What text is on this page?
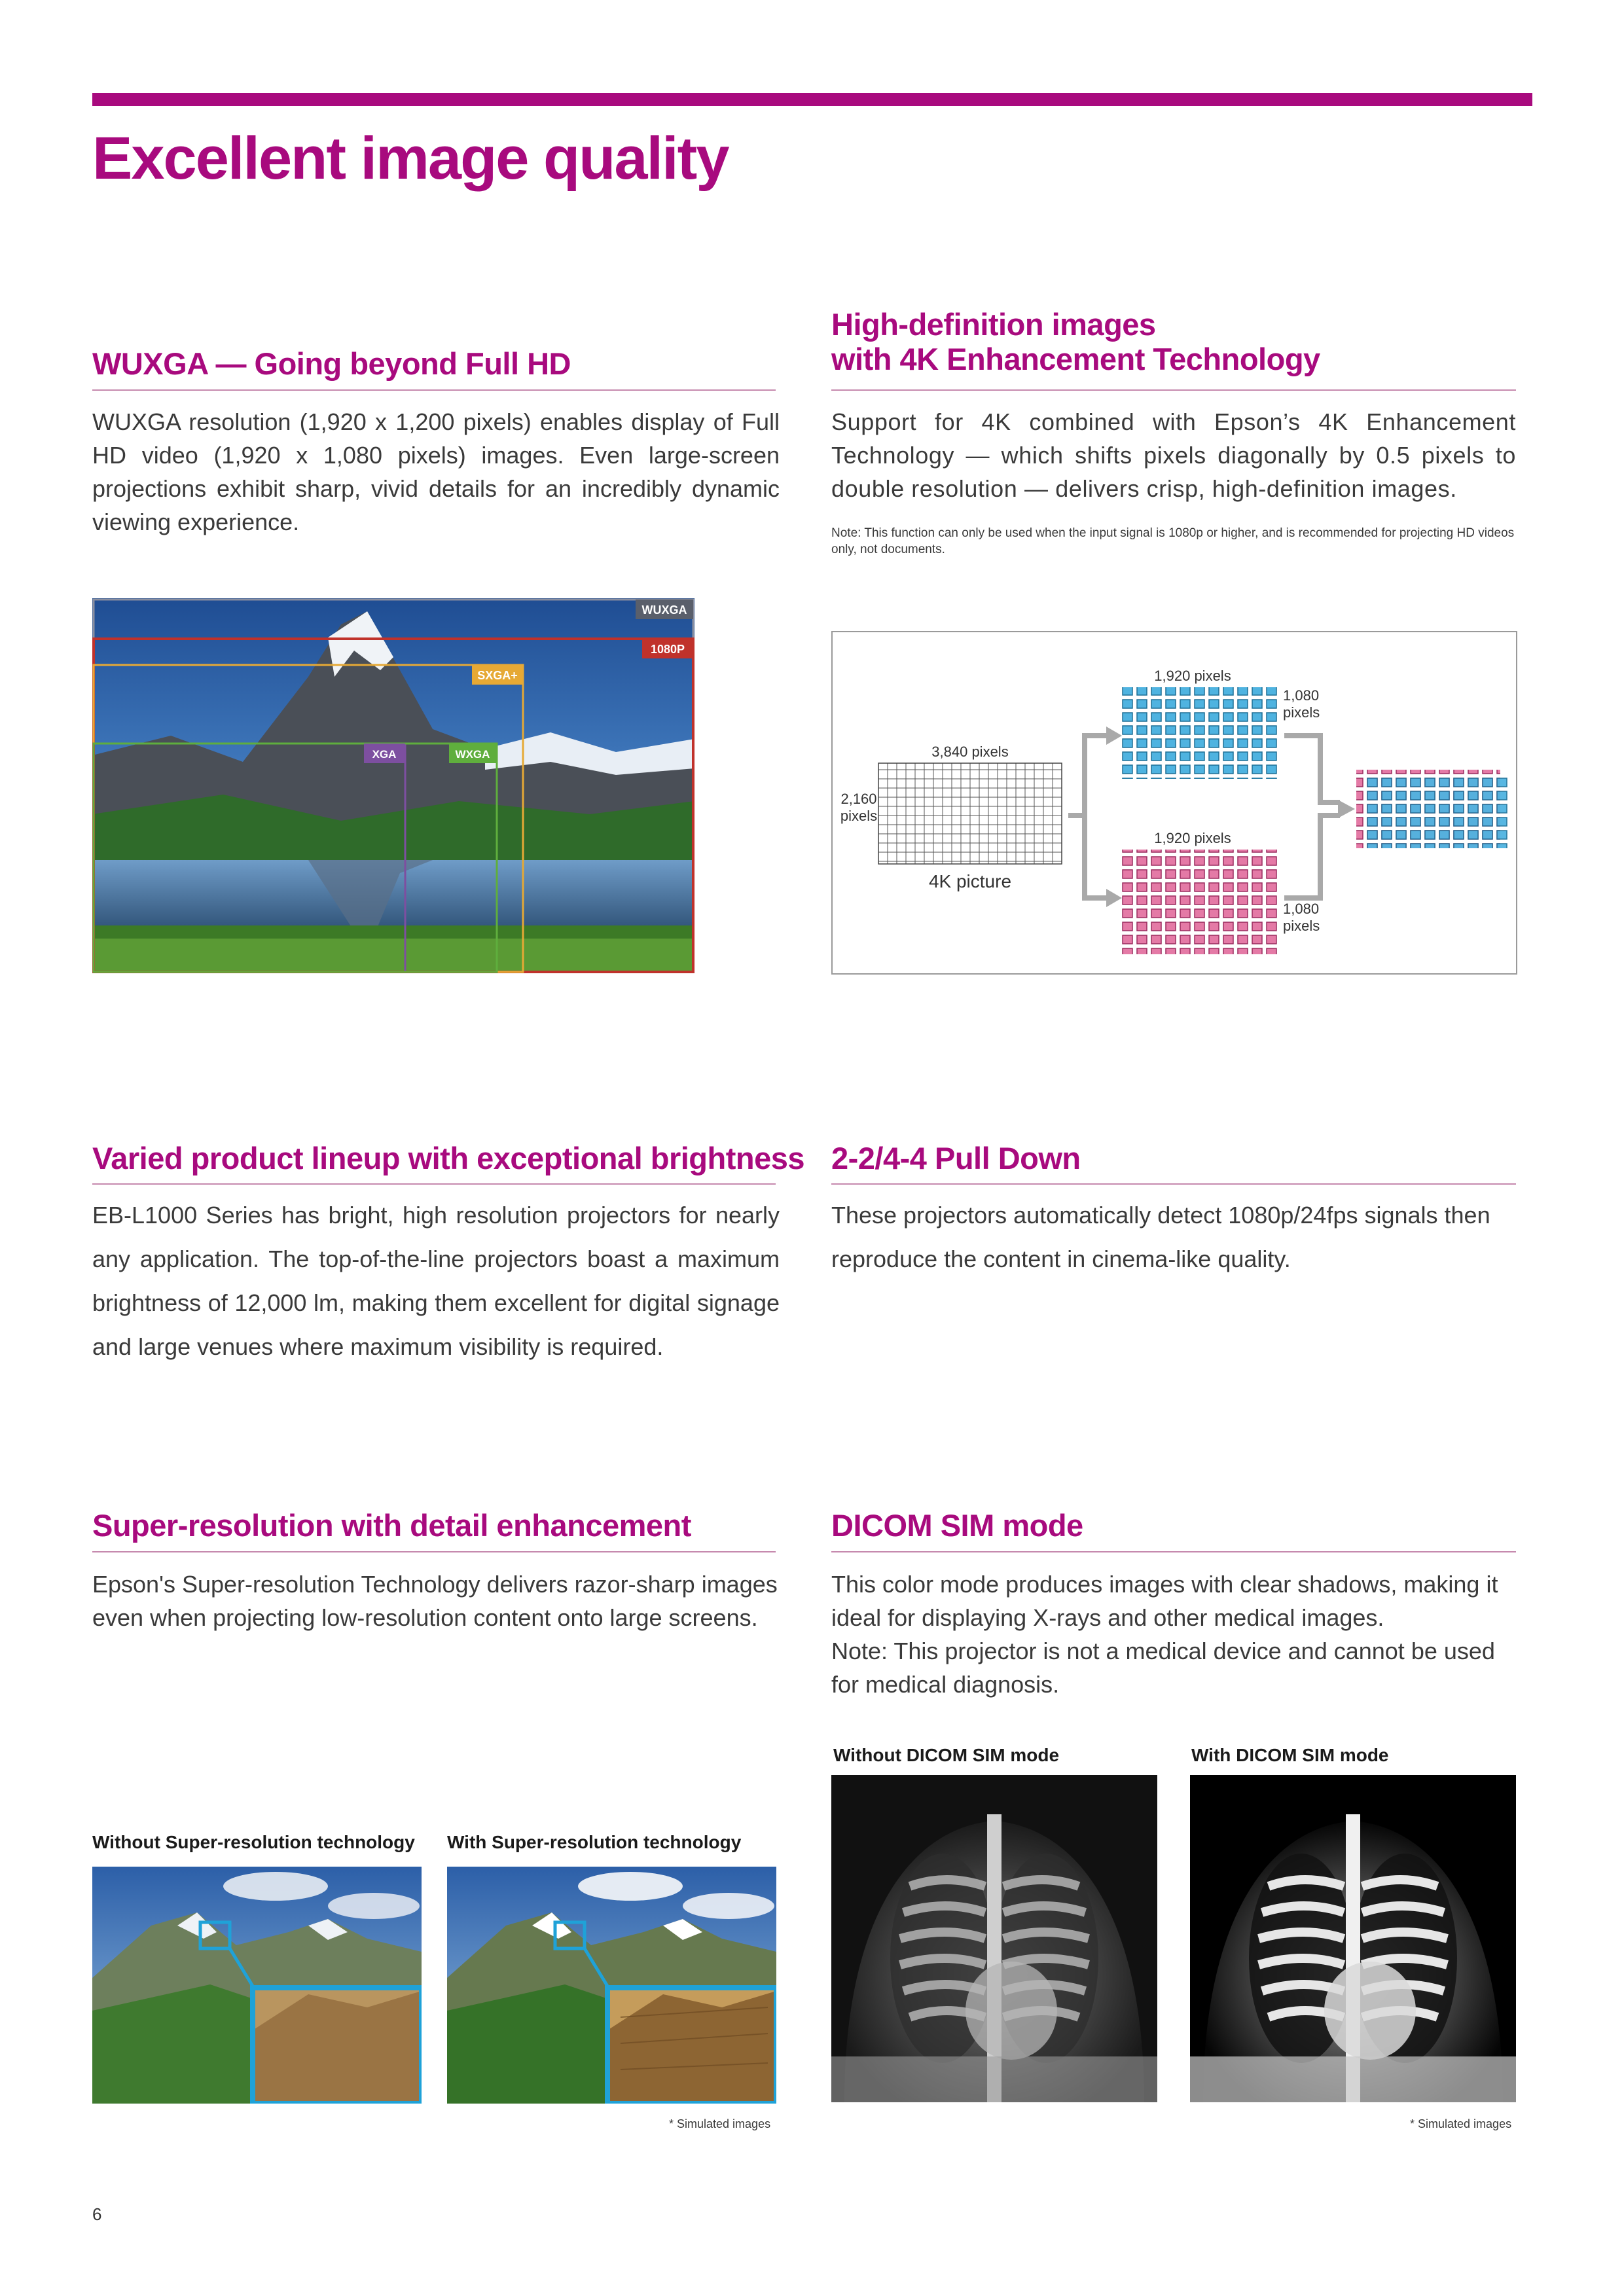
Excellent image quality
WUXGA — Going beyond Full HD

WUXGA resolution (1,920 x 1,200 pixels) enables display of Full HD video (1,920 x 1,080 pixels) images. Even large-screen projections exhibit sharp, vivid details for an incredibly dynamic viewing experience.

WUXGA
1080P
SXGA+
XGA	WXGA
High-definition images
with 4K Enhancement Technology

Support for 4K combined with Epson’s 4K Enhancement Technology — which shifts pixels diagonally by 0.5 pixels to double resolution — delivers crisp, high-definition images.

Note: This function can only be used when the input signal is 1080p or higher, and is recommended for projecting HD videos only, not documents.

3,840 pixels
2,160
pixels
4K picture
1,920 pixels
1,080
pixels
1,920 pixels
1,080
pixels
Varied product lineup with exceptional brightness

EB-L1000 Series has bright, high resolution projectors for nearly any application. The top-of-the-line projectors boast a maximum brightness of 12,000 lm, making them excellent for digital signage and large venues where maximum visibility is required.

2-2/4-4 Pull Down

These projectors automatically detect 1080p/24fps signals then reproduce the content in cinema-like quality.

Super-resolution with detail enhancement

Epson's Super-resolution Technology delivers razor-sharp images even when projecting low-resolution content onto large screens.

Without Super-resolution technology With Super-resolution technology
* Simulated images
DICOM SIM mode

This color mode produces images with clear shadows, making it ideal for displaying X-rays and other medical images.

Note: This projector is not a medical device and cannot be used for medical diagnosis.

Without DICOM SIM mode	With DICOM SIM mode
* Simulated images
6
